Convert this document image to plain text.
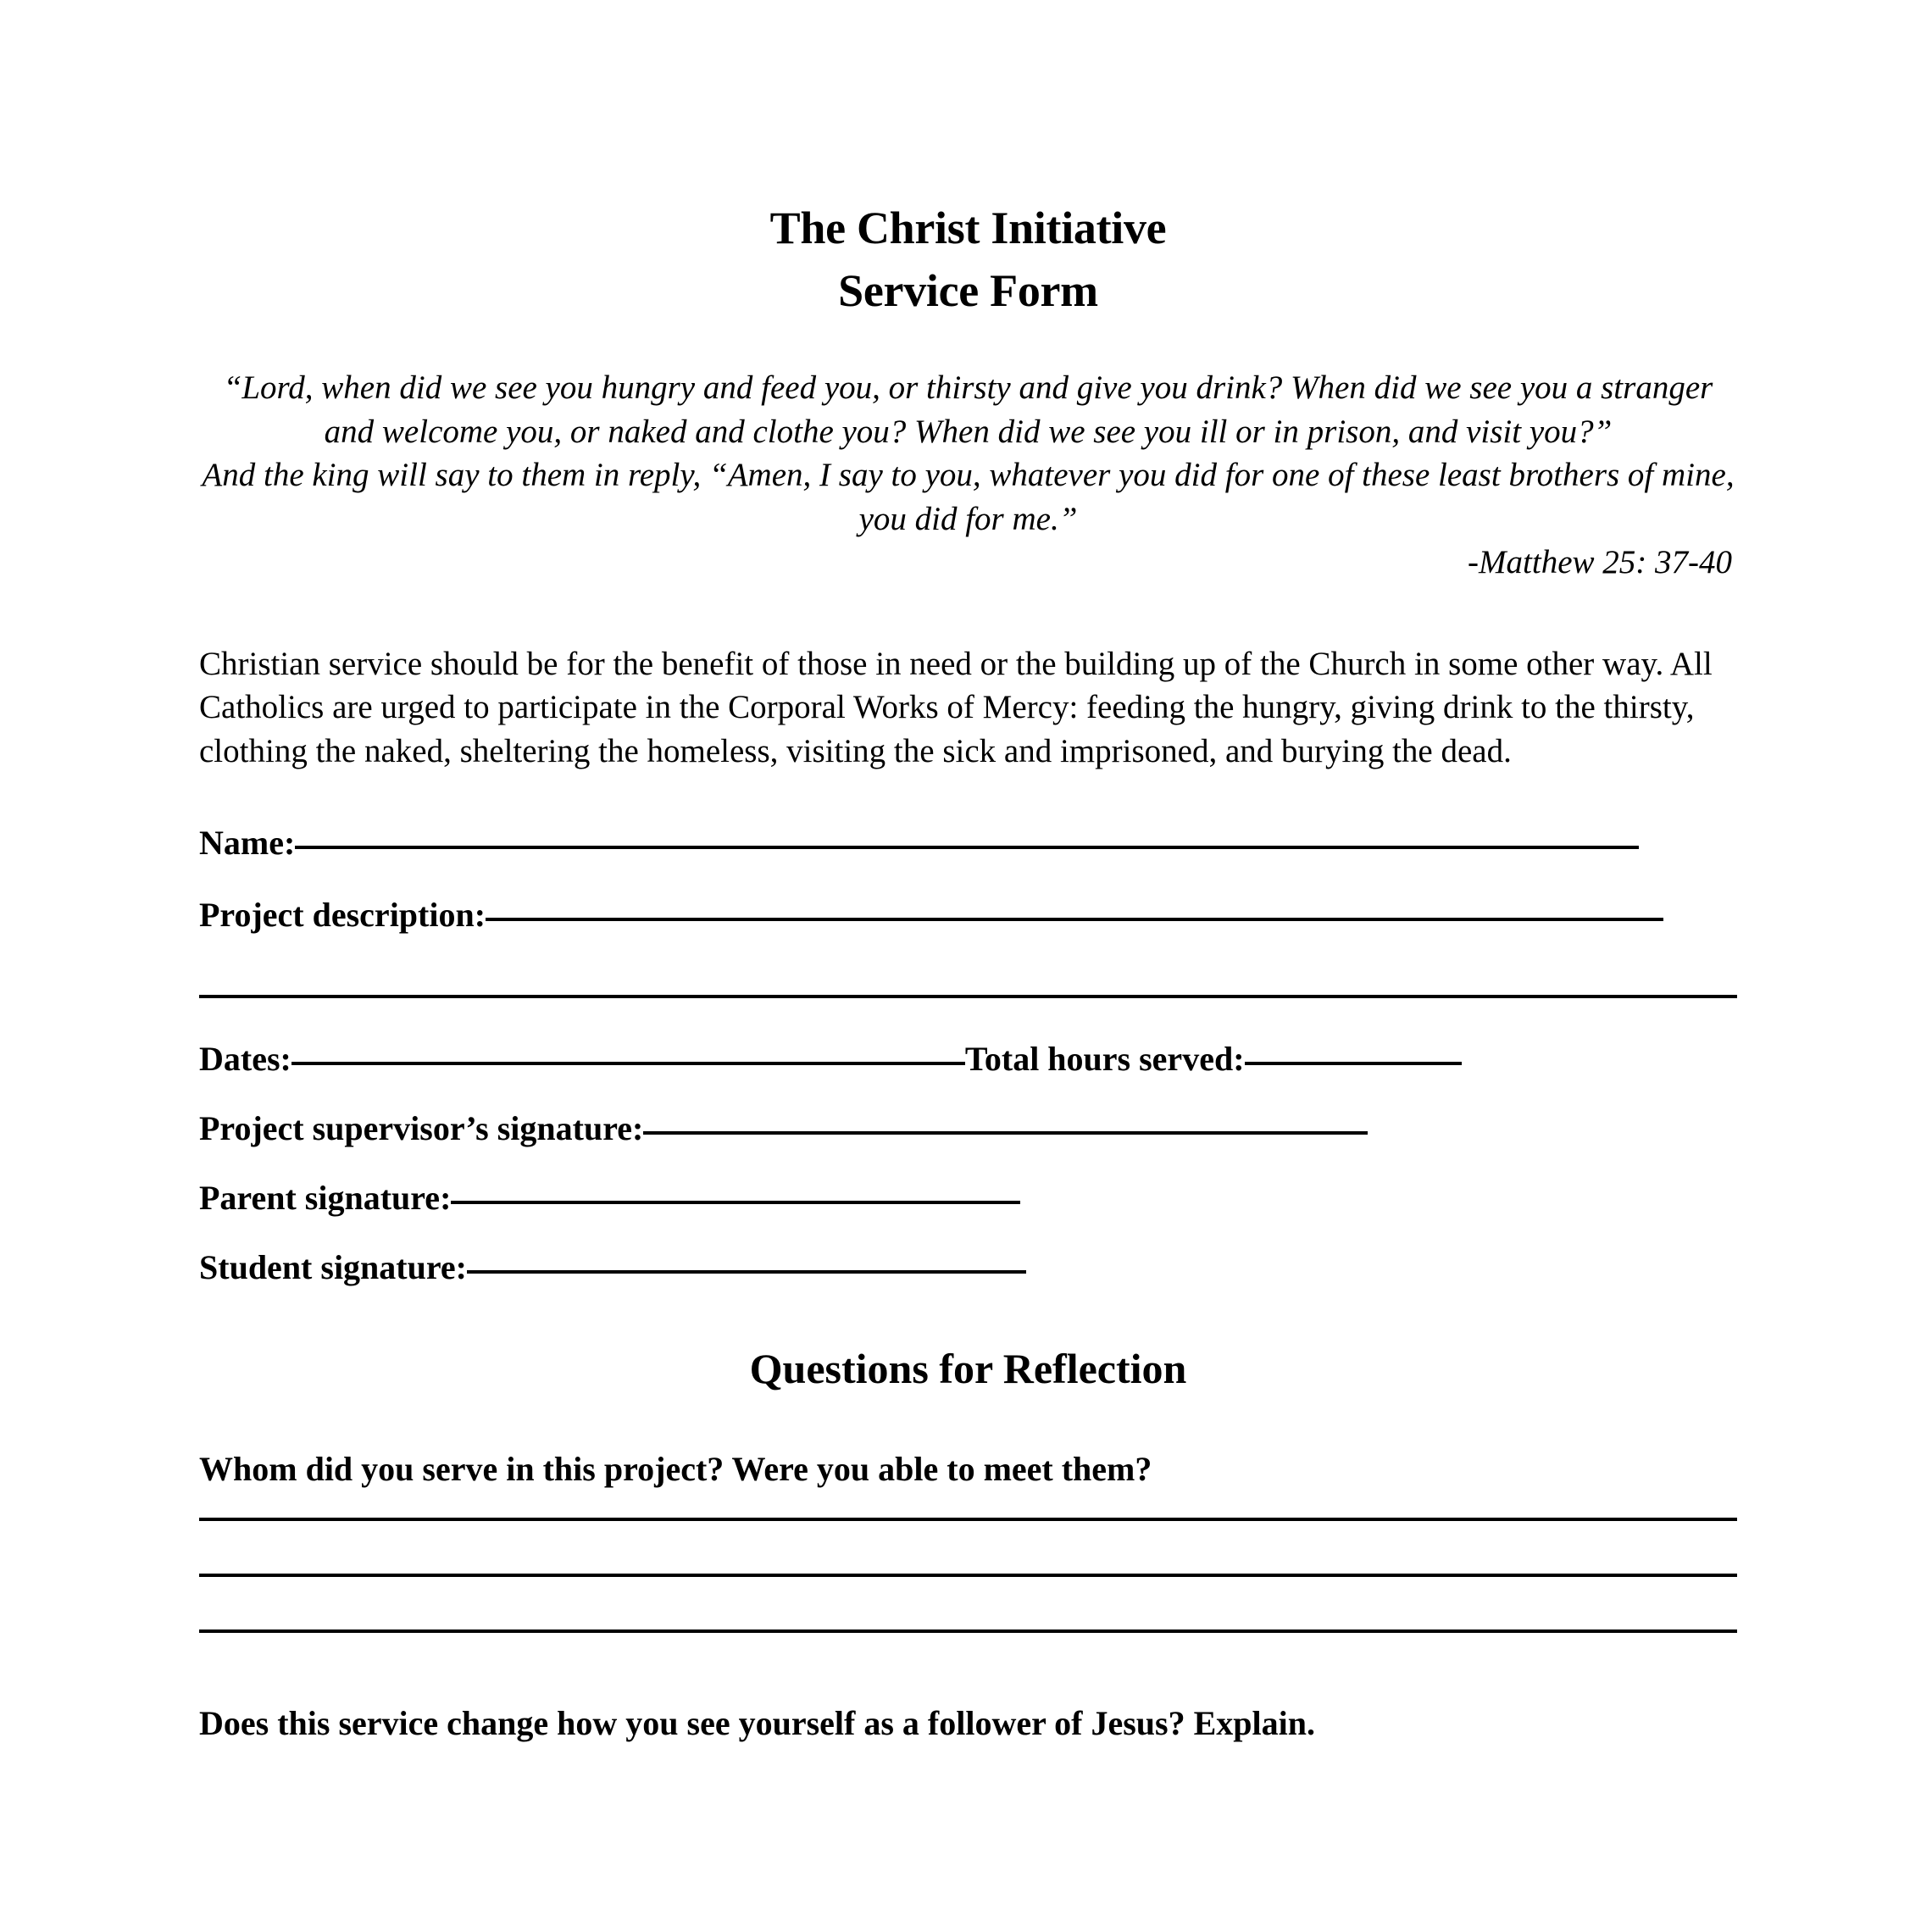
The Christ Initiative
Service Form

“Lord, when did we see you hungry and feed you, or thirsty and give you drink? When did we see you a stranger and welcome you, or naked and clothe you? When did we see you ill or in prison, and visit you?”

And the king will say to them in reply, “Amen, I say to you, whatever you did for one of these least brothers of mine, you did for me.”

-Matthew 25: 37-40

Christian service should be for the benefit of those in need or the building up of the Church in some other way. All Catholics are urged to participate in the Corporal Works of Mercy: feeding the hungry, giving drink to the thirsty, clothing the naked, sheltering the homeless, visiting the sick and imprisoned, and burying the dead.

Name:
Project description:
Dates:	Total hours served:
Project supervisor’s signature:
Parent signature:
Student signature:
Questions for Reflection

Whom did you serve in this project? Were you able to meet them?

Does this service change how you see yourself as a follower of Jesus? Explain.
